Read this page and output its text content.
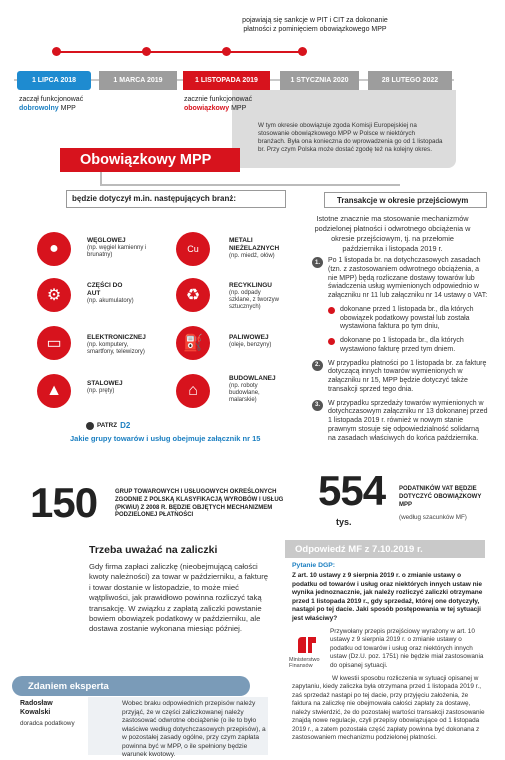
pojawiają się sankcje w PIT i CIT za dokonanie płatności z pominięciem obowiązkowego MPP
1 LIPCA 2018	1 MARCA 2019	1 LISTOPADA 2019	1 STYCZNIA 2020	28 LUTEGO 2022
zaczął funkcjonować
dobrowolny MPP
zacznie funkcjonować
obowiązkowy MPP
W tym okresie obowiązuje zgoda Komisji Europejskiej na stosowanie obowiązkowego MPP w Polsce w niektórych branżach. Była ona konieczna do wprowadzenia go od 1 listopada br. Przy czym Polska może dostać zgodę też na kolejny okres.
Obowiązkowy MPP
będzie dotyczył m.in. następujących branż:
●	WĘGLOWEJ
(np. węgiel kamienny i brunatny)
Cu
METALI NIEŻELAZNYCH
(np. miedź, ołów)
⚙
CZĘŚCI DO AUT
(np. akumulatory)	♻
RECYKLINGU
(np. odpady szklane, z tworzyw sztucznych)
▭	ELEKTRONICZNEJ
(np. komputery, smartfony, telewizory)
⛽	PALIWOWEJ
(oleje, benzyny)
▲	STALOWEJ
(np. pręty)	⌂
BUDOWLANEJ
(np. roboty budowlane, malarskie)
PATRZ D2
Jakie grupy towarów i usług obejmuje załącznik nr 15
Transakcje w okresie przejściowym
Istotne znacznie ma stosowanie mechanizmów podzielonej płatności i odwrotnego obciążenia w okresie przejściowym, tj. na przełomie października i listopada 2019 r.
1.	Po 1 listopada br. na dotychczasowych zasadach (tzn. z zastosowaniem odwrotnego obciążenia, a nie MPP) będą rozliczane dostawy towarów lub świadczenia usług wymienionych odpowiednio w załączniku nr 11 lub załączniku nr 14 ustawy o VAT:
dokonane przed 1 listopada br., dla których obowiązek podatkowy powstał lub została wystawiona faktura po tym dniu,
dokonane po 1 listopada br., dla których wystawiono fakturę przed tym dniem.
2.	W przypadku płatności po 1 listopada br. za fakturę dotyczącą innych towarów wymienionych w załączniku nr 15, MPP będzie dotyczyć także transakcji sprzed tego dnia.
3.	W przypadku sprzedaży towarów wymienionych w dotychczasowym załączniku nr 13 dokonanej przed 1 listopada 2019 r. również w nowym stanie prawnym stosuje się odpowiedzialność solidarną na zasadach właściwych do końca października.
150	GRUP TOWAROWYCH I USŁUGOWYCH OKREŚLONYCH ZGODNIE Z POLSKĄ KLASYFIKACJĄ WYROBÓW I USŁUG (PKWiU) Z 2008 R. BĘDZIE OBJĘTYCH MECHANIZMEM PODZIELONEJ PŁATNOŚCI
554
tys.
PODATNIKÓW VAT BĘDZIE DOTYCZYĆ OBOWIĄZKOWY MPP
(według szacunków MF)
Trzeba uważać na zaliczki
Gdy firma zapłaci zaliczkę (nieobejmującą całości kwoty należności) za towar w październiku, a fakturę i towar dostanie w listopadzie, to może mieć wątpliwości, jak prawidłowo powinna rozliczyć taką transakcję. W związku z zapłatą zaliczki powstanie bowiem obowiązek podatkowy w październiku, ale dostawa zostanie wykonana miesiąc później.
Zdaniem eksperta
Radosław Kowalski
doradca podatkowy
Wobec braku odpowiednich przepisów należy przyjąć, że w części zaliczkowanej należy zastosować odwrotne obciążenie (o ile to było właściwe według dotychczasowych przepisów), a w pozostałej zasady ogólne, przy czym zapłata powinna być w MPP, o ile spełniony będzie warunek kwotowy.
Odpowiedź MF z 7.10.2019 r.
Pytanie DGP:
Z art. 10 ustawy z 9 sierpnia 2019 r. o zmianie ustawy o podatku od towarów i usług oraz niektórych innych ustaw nie wynika jednoznacznie, jak należy rozliczyć zaliczki otrzymane przed 1 listopada 2019 r., gdy sprzedaż, której one dotyczyły, nastąpi po tej dacie. Jaki sposób postępowania w tej sytuacji jest właściwy?
Ministerstwo Finansów
Przywołany przepis przejściowy wyrażony w art. 10 ustawy z 9 sierpnia 2019 r. o zmianie ustawy o podatku od towarów i usług oraz niektórych innych ustaw (Dz.U. poz. 1751) nie będzie miał zastosowania do opisanej sytuacji.
W kwestii sposobu rozliczenia w sytuacji opisanej w zapytaniu, kiedy zaliczka była otrzymana przed 1 listopada 2019 r., zaś sprzedaż nastąpi po tej dacie, przy przyjęciu założenia, że faktura na zaliczkę nie obejmowała całości zapłaty za dostawę, należy stwierdzić, że do pozostałej wartości transakcji zastosowanie znajdą nowe regulacje, czyli przepisy obowiązujące od 1 listopada 2019 r., a zatem pozostała część zapłaty powinna być dokonana z zastosowaniem mechanizmu podzielonej płatności.
